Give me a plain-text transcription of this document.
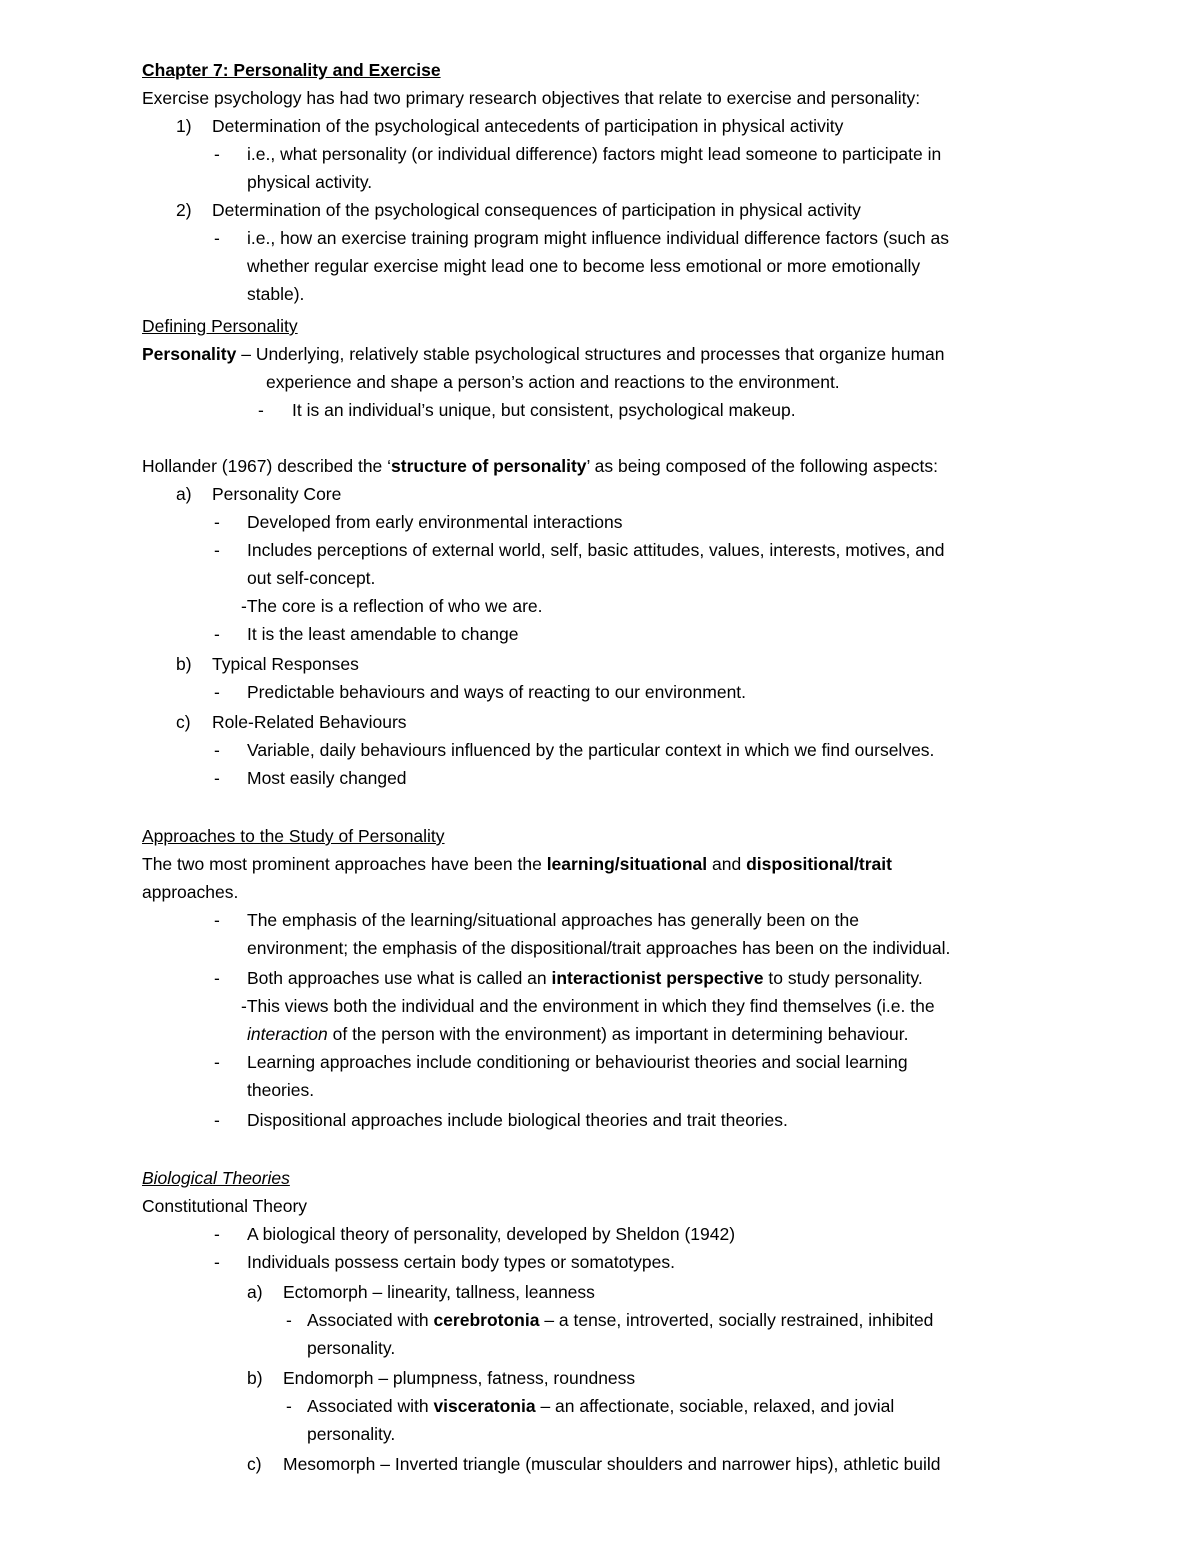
Chapter 7: Personality and Exercise
Exercise psychology has had two primary research objectives that relate to exercise and personality:
1) Determination of the psychological antecedents of participation in physical activity
- i.e., what personality (or individual difference) factors might lead someone to participate in
physical activity.
2) Determination of the psychological consequences of participation in physical activity
- i.e., how an exercise training program might influence individual difference factors (such as
whether regular exercise might lead one to become less emotional or more emotionally
stable).
Defining Personality
Personality – Underlying, relatively stable psychological structures and processes that organize human
experience and shape a person’s action and reactions to the environment.
- It is an individual’s unique, but consistent, psychological makeup.
Hollander (1967) described the ‘structure of personality’ as being composed of the following aspects:
a) Personality Core
- Developed from early environmental interactions
- Includes perceptions of external world, self, basic attitudes, values, interests, motives, and
out self-concept.
-The core is a reflection of who we are.
- It is the least amendable to change
b) Typical Responses
- Predictable behaviours and ways of reacting to our environment.
c) Role-Related Behaviours
- Variable, daily behaviours influenced by the particular context in which we find ourselves.
- Most easily changed
Approaches to the Study of Personality
The two most prominent approaches have been the learning/situational and dispositional/trait
approaches.
- The emphasis of the learning/situational approaches has generally been on the
environment; the emphasis of the dispositional/trait approaches has been on the individual.
- Both approaches use what is called an interactionist perspective to study personality.
-This views both the individual and the environment in which they find themselves (i.e. the
interaction of the person with the environment) as important in determining behaviour.
- Learning approaches include conditioning or behaviourist theories and social learning
theories.
- Dispositional approaches include biological theories and trait theories.
Biological Theories
Constitutional Theory
- A biological theory of personality, developed by Sheldon (1942)
- Individuals possess certain body types or somatotypes.
a) Ectomorph – linearity, tallness, leanness
- Associated with cerebrotonia – a tense, introverted, socially restrained, inhibited
personality.
b) Endomorph – plumpness, fatness, roundness
- Associated with visceratonia – an affectionate, sociable, relaxed, and jovial
personality.
c) Mesomorph – Inverted triangle (muscular shoulders and narrower hips), athletic build
